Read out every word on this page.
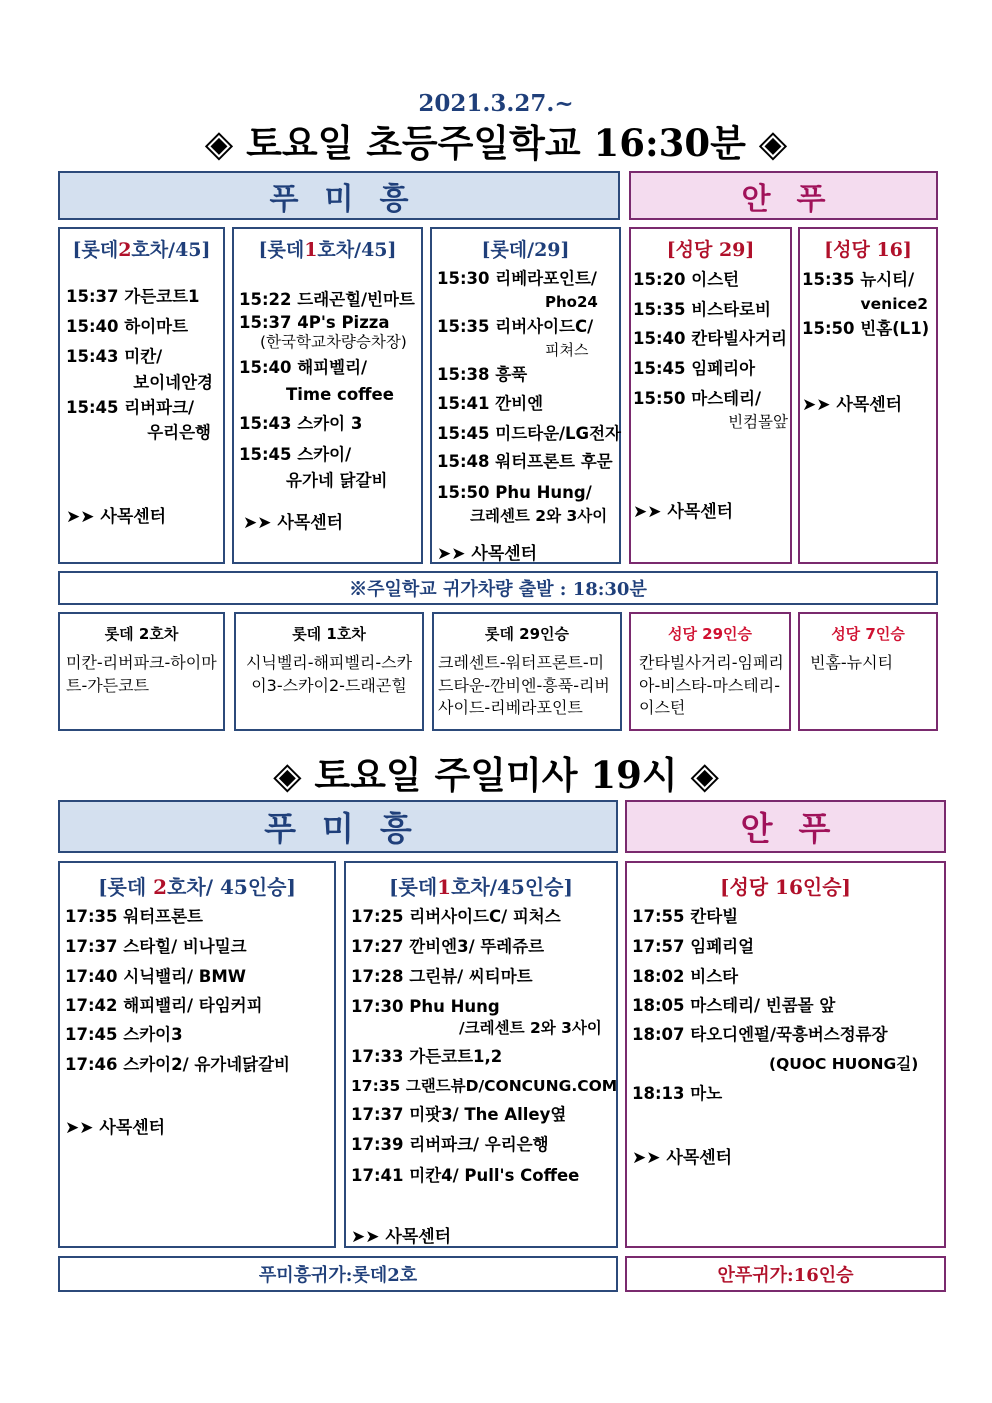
2021.3.27.~
◈ 토요일 초등주일학교 16:30분 ◈
푸미흥	안푸
[롯데2호차/45]
15:37 가든코트1
15:40 하이마트
15:43 미칸/
보이네안경
15:45 리버파크/
우리은행
➤➤ 사목센터
[롯데1호차/45]
15:22 드래곤힐/빈마트
15:37 4P's Pizza
(한국학교차량승차장)
15:40 해피벨리/
Time coffee
15:43 스카이 3
15:45 스카이/
유가네 닭갈비
➤➤ 사목센터
[롯데/29]
15:30 리베라포인트/
Pho24
15:35 리버사이드C/
피쳐스
15:38 흥푹
15:41 깐비엔
15:45 미드타운/LG전자
15:48 워터프론트 후문
15:50 Phu Hung/
크레센트 2와 3사이
➤➤ 사목센터
[성당 29]
15:20 이스턴
15:35 비스타로비
15:40 칸타빌사거리
15:45 임페리아
15:50 마스테리/
빈컴몰앞
➤➤ 사목센터
[성당 16]
15:35 뉴시티/
venice2
15:50 빈홈(L1)
➤➤ 사목센터
※주일학교 귀가차량 출발 : 18:30분
롯데 2호차
미칸-리버파크-하이마트-가든코트
롯데 1호차
시닉벨리-해피벨리-스카이3-스카이2-드래곤힐
롯데 29인승
크레센트-워터프론트-미드타운-깐비엔-흥푹-리버사이드-리베라포인트
성당 29인승
칸타빌사거리-임페리아-비스타-마스테리-이스턴
성당 7인승
빈홈-뉴시티
◈ 토요일 주일미사 19시 ◈
푸미흥	안푸
[롯데 2호차/ 45인승]
17:35 워터프론트
17:37 스타힐/ 비나밀크
17:40 시닉밸리/ BMW
17:42 해피밸리/ 타임커피
17:45 스카이3
17:46 스카이2/ 유가네닭갈비
➤➤ 사목센터
[롯데1호차/45인승]
17:25 리버사이드C/ 피처스
17:27 깐비엔3/ 뚜레쥬르
17:28 그린뷰/ 씨티마트
17:30 Phu Hung
/크레센트 2와 3사이
17:33 가든코트1,2
17:35 그랜드뷰D/CONCUNG.COM
17:37 미팟3/ The Alley옆
17:39 리버파크/ 우리은행
17:41 미칸4/ Pull's Coffee
➤➤ 사목센터
[성당 16인승]
17:55 칸타빌
17:57 임페리얼
18:02 비스타
18:05 마스테리/ 빈콤몰 앞
18:07 타오디엔펄/꾹흥버스정류장
(QUOC HUONG길)
18:13 마노
➤➤ 사목센터
푸미흥귀가:롯데2호	안푸귀가:16인승
